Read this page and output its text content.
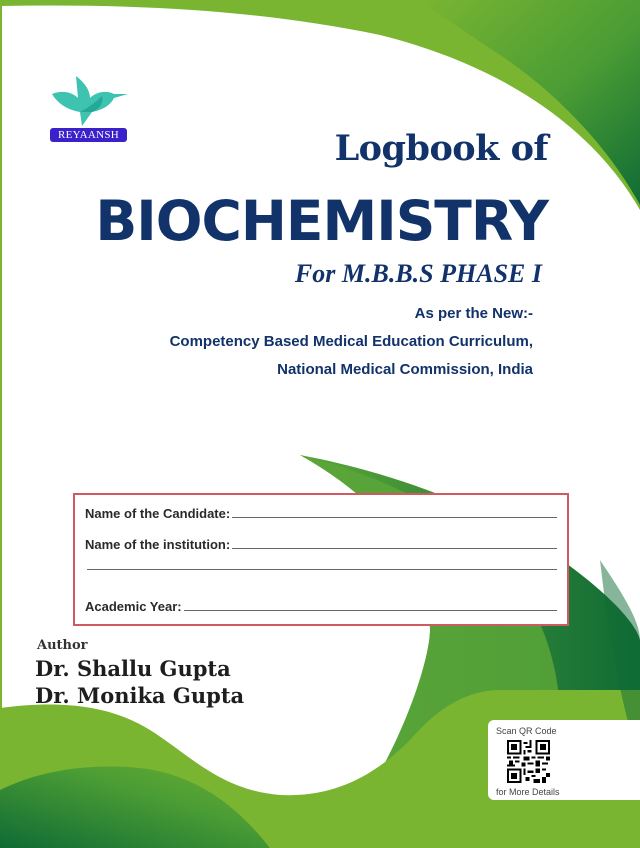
REYAANSH	Logbook of
BIOCHEMISTRY
For M.B.B.S PHASE I
As per the New:-
Competency Based Medical Education Curriculum,
National Medical Commission, India
Name of the Candidate:
Name of the institution:
Academic Year:
Author
Dr. Shallu Gupta
Dr. Monika Gupta
Scan QR Code
for More Details
